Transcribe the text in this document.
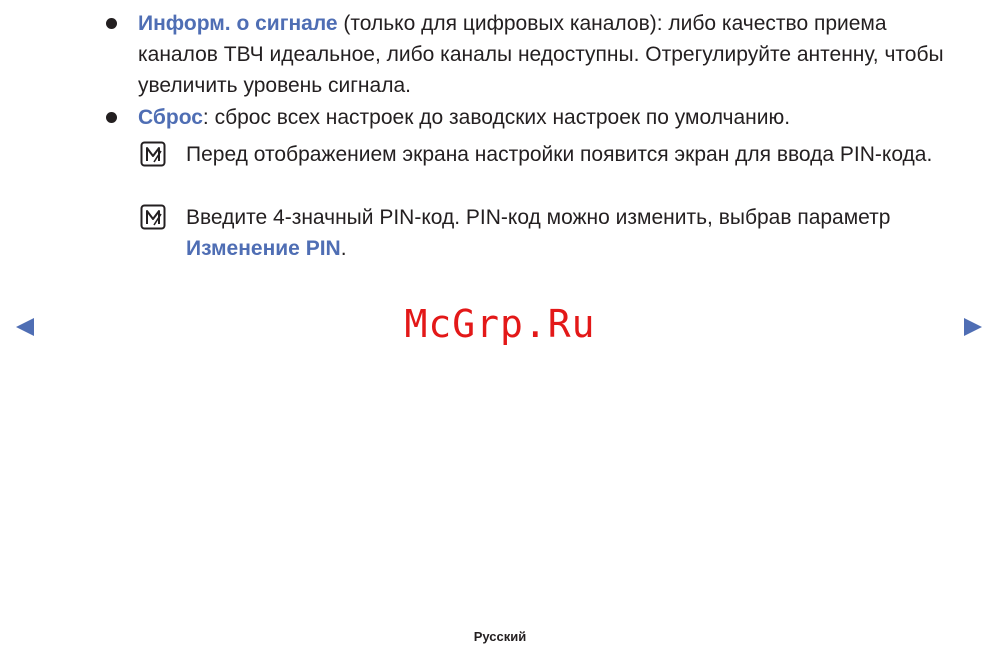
Информ. о сигнале (только для цифровых каналов): либо качество приема каналов ТВЧ идеальное, либо каналы недоступны. Отрегулируйте антенну, чтобы увеличить уровень сигнала.
Сброс: сброс всех настроек до заводских настроек по умолчанию.
Перед отображением экрана настройки появится экран для ввода PIN-кода.
Введите 4-значный PIN-код. PIN-код можно изменить, выбрав параметр Изменение PIN.
McGrp.Ru
Русский
